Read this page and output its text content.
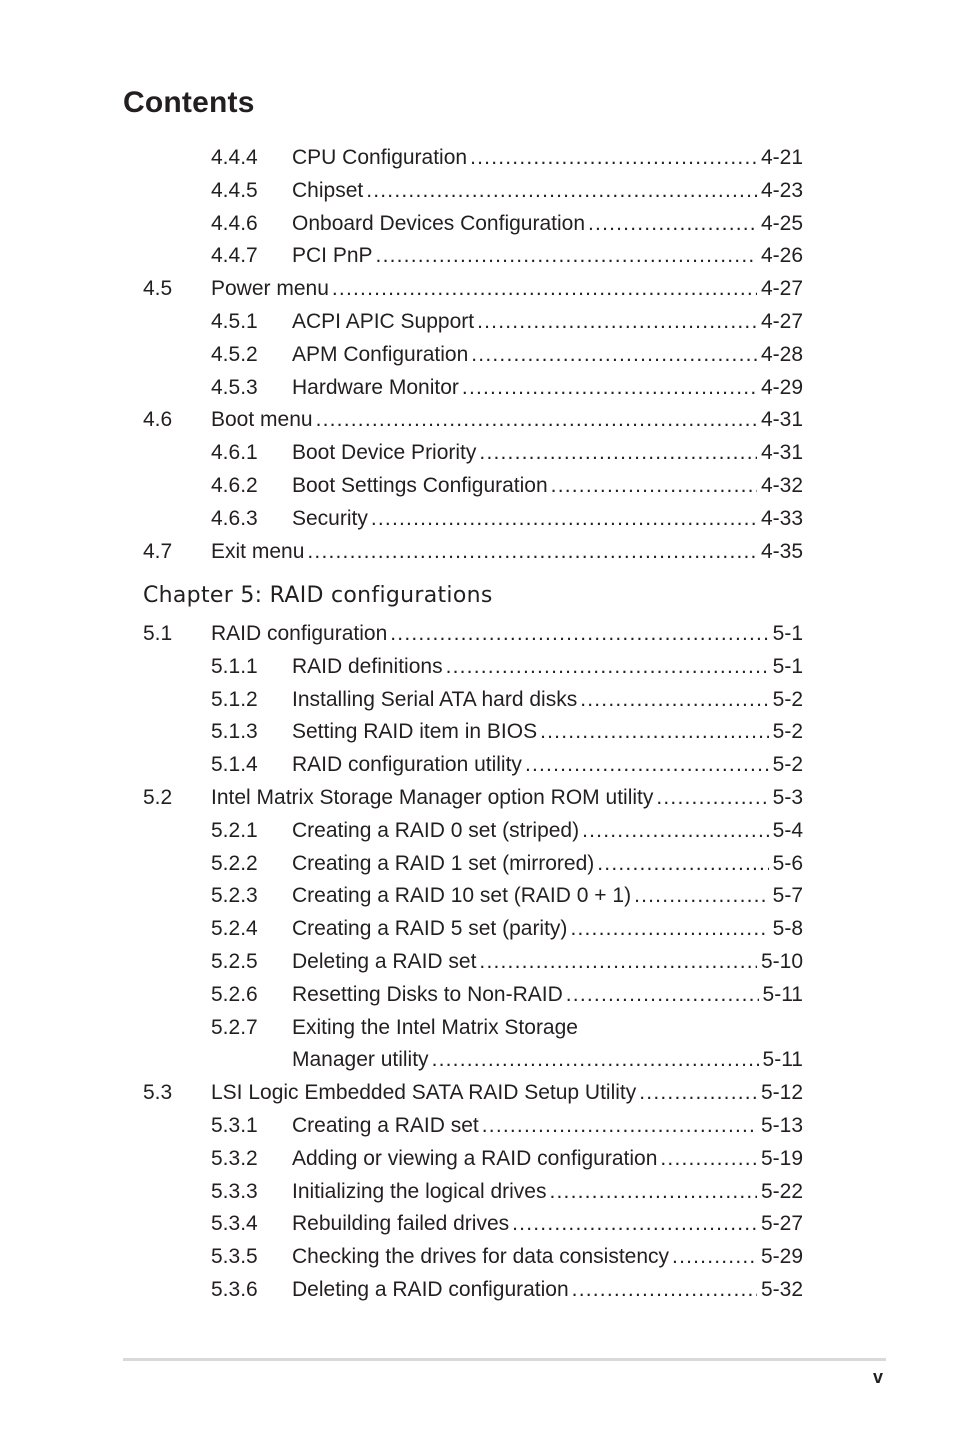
Contents
4.4.4 CPU Configuration .....	4-21
4.4.5 Chipset .....	4-23
4.4.6 Onboard Devices Configuration .....	4-25
4.4.7 PCI PnP .....	4-26
4.5 Power menu .....	4-27
4.5.1 ACPI APIC Support .....	4-27
4.5.2 APM Configuration .....	4-28
4.5.3 Hardware Monitor .....	4-29
4.6 Boot menu .....	4-31
4.6.1 Boot Device Priority .....	4-31
4.6.2 Boot Settings Configuration .....	4-32
4.6.3 Security .....	4-33
4.7 Exit menu .....	4-35
Chapter 5: RAID configurations
5.1 RAID configuration .....	5-1
5.1.1 RAID definitions .....	5-1
5.1.2 Installing Serial ATA hard disks .....	5-2
5.1.3 Setting RAID item in BIOS .....	5-2
5.1.4 RAID configuration utility .....	5-2
5.2 Intel Matrix Storage Manager option ROM utility .....	5-3
5.2.1 Creating a RAID 0 set (striped) .....	5-4
5.2.2 Creating a RAID 1 set (mirrored) .....	5-6
5.2.3 Creating a RAID 10 set (RAID 0 + 1) .....	5-7
5.2.4 Creating a RAID 5 set (parity) .....	5-8
5.2.5 Deleting a RAID set .....	5-10
5.2.6 Resetting Disks to Non-RAID .....	5-11
5.2.7 Exiting the Intel Matrix Storage
Manager utility .....	5-11
5.3 LSI Logic Embedded SATA RAID Setup Utility .....	5-12
5.3.1 Creating a RAID set .....	5-13
5.3.2 Adding or viewing a RAID configuration .....	5-19
5.3.3 Initializing the logical drives .....	5-22
5.3.4 Rebuilding failed drives .....	5-27
5.3.5 Checking the drives for data consistency .....	5-29
5.3.6 Deleting a RAID configuration .....	5-32
v
